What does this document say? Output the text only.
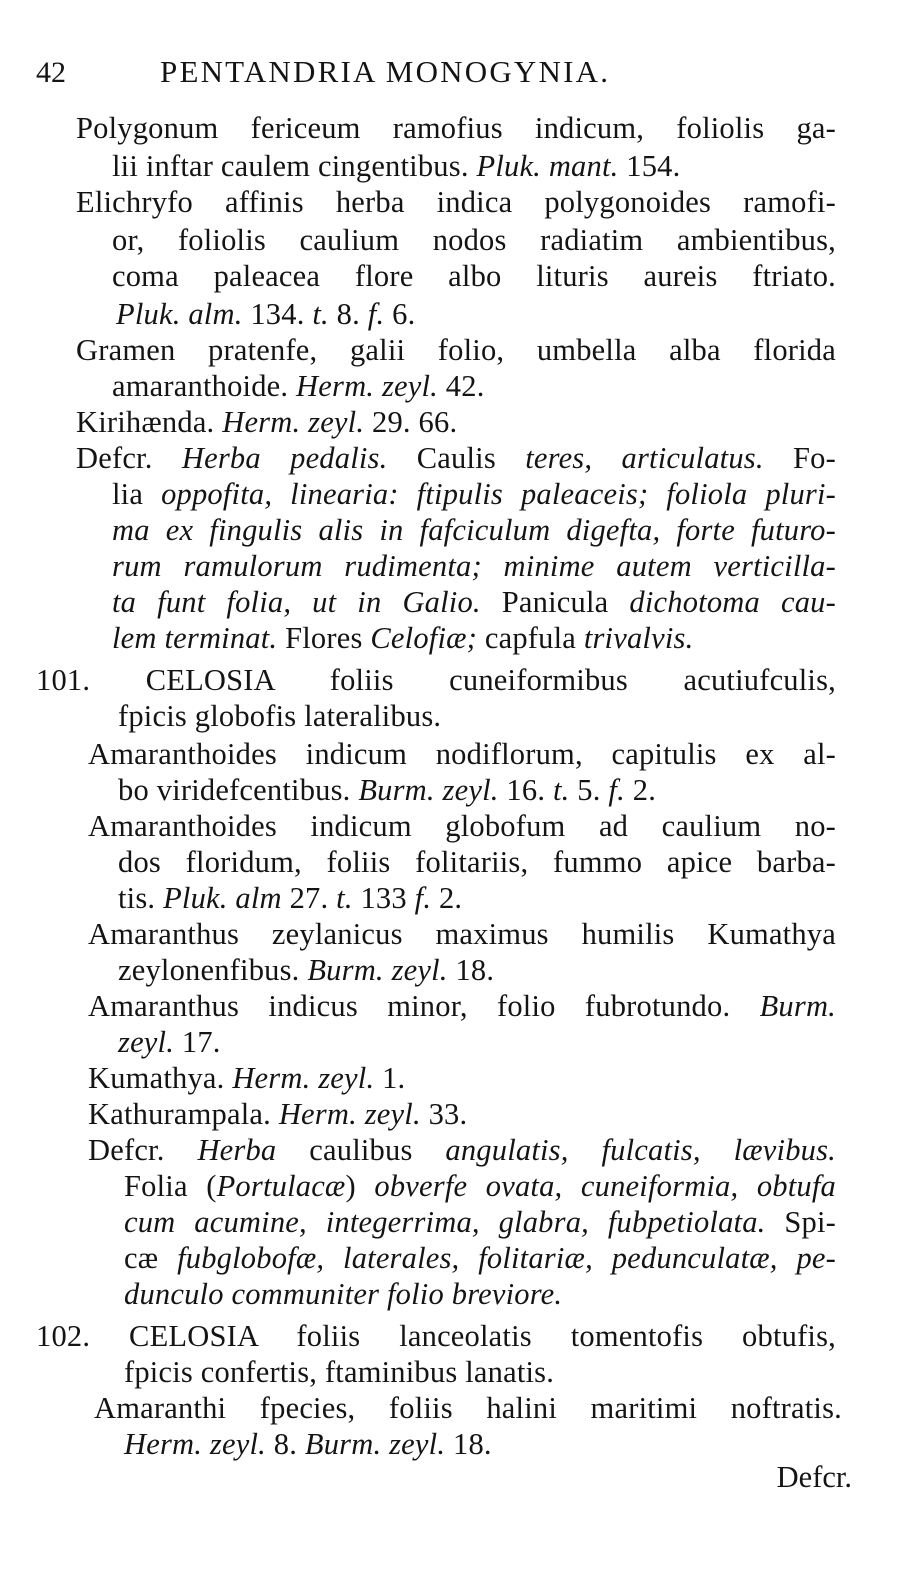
42	PENTANDRIA MONOGYNIA.
Polygonum fericeum ramofius indicum, foliolis ga-
lii inftar caulem cingentibus. Pluk. mant. 154.
Elichryfo affinis herba indica polygonoides ramofi-
or, foliolis caulium nodos radiatim ambientibus,
coma paleacea flore albo lituris aureis ftriato.
Pluk. alm. 134. t. 8. f. 6.
Gramen pratenfe, galii folio, umbella alba florida
amaranthoide. Herm. zeyl. 42.
Kirihænda. Herm. zeyl. 29. 66.
Defcr. Herba pedalis. Caulis teres, articulatus. Fo-
lia oppofita, linearia: ftipulis paleaceis; foliola pluri-
ma ex fingulis alis in fafciculum digefta, forte futuro-
rum ramulorum rudimenta; minime autem verticilla-
ta funt folia, ut in Galio. Panicula dichotoma cau-
lem terminat. Flores Celofiæ; capfula trivalvis.
101. CELOSIA foliis cuneiformibus acutiufculis,
fpicis globofis lateralibus.
Amaranthoides indicum nodiflorum, capitulis ex al-
bo viridefcentibus. Burm. zeyl. 16. t. 5. f. 2.
Amaranthoides indicum globofum ad caulium no-
dos floridum, foliis folitariis, fummo apice barba-
tis. Pluk. alm 27. t. 133 f. 2.
Amaranthus zeylanicus maximus humilis Kumathya
zeylonenfibus. Burm. zeyl. 18.
Amaranthus indicus minor, folio fubrotundo. Burm.
zeyl. 17.
Kumathya. Herm. zeyl. 1.
Kathurampala. Herm. zeyl. 33.
Defcr. Herba caulibus angulatis, fulcatis, lævibus.
Folia (Portulacæ) obverfe ovata, cuneiformia, obtufa
cum acumine, integerrima, glabra, fubpetiolata. Spi-
cæ fubglobofæ, laterales, folitariæ, pedunculatæ, pe-
dunculo communiter folio breviore.
102. CELOSIA foliis lanceolatis tomentofis obtufis,
fpicis confertis, ftaminibus lanatis.
Amaranthi fpecies, foliis halini maritimi noftratis.
Herm. zeyl. 8. Burm. zeyl. 18.
Defcr.
